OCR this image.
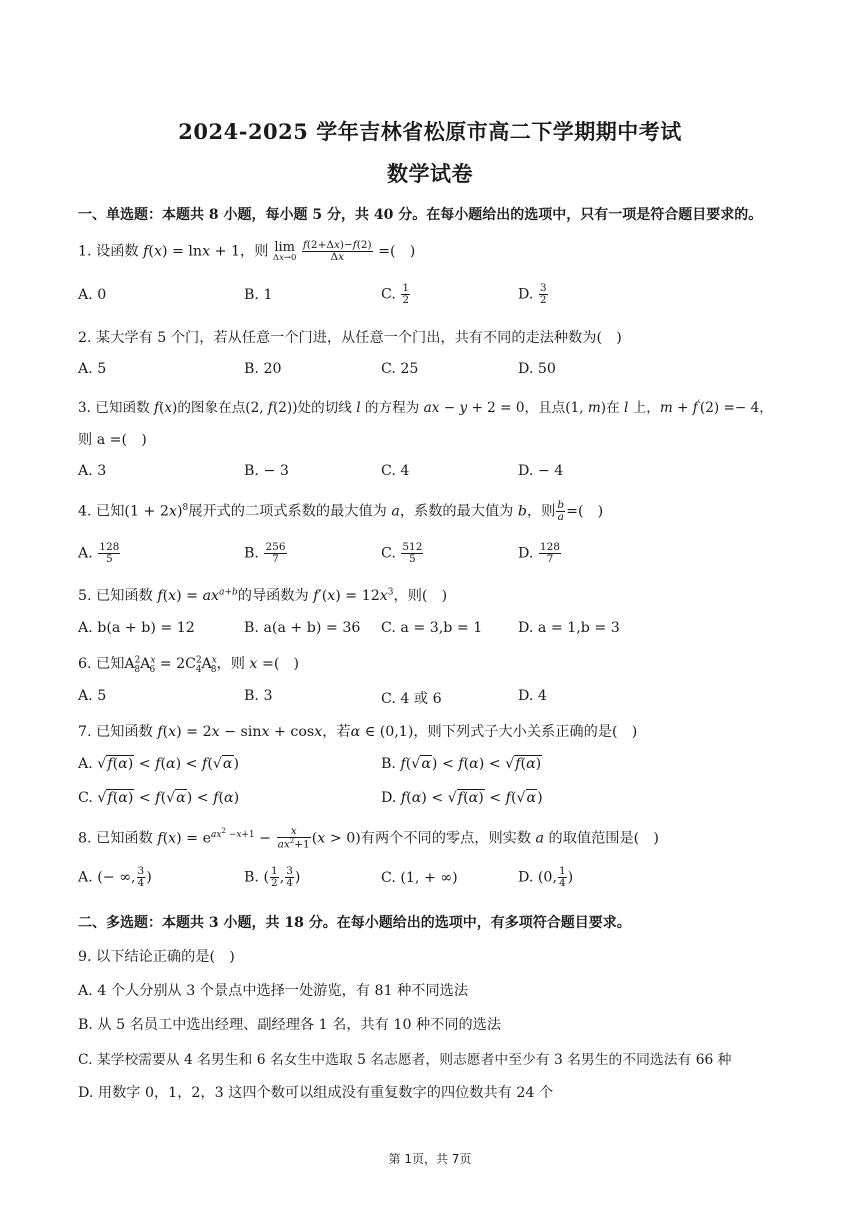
2024-2025 学年吉林省松原市高二下学期期中考试
数学试卷
一、单选题：本题共 8 小题，每小题 5 分，共 40 分。在每小题给出的选项中，只有一项是符合题目要求的。
1. 设函数 f(x) = lnx + 1，则 lim
Δx→0
$\frac{f(2+\Delta x)-f(2)}{\Delta x}$ =(　)
A. 0	B. 1	C. $\frac{1}{2}$	D. $\frac{3}{2}$
2. 某大学有 5 个门，若从任意一个门进，从任意一个门出，共有不同的走法种数为(　)
A. 5	B. 20	C. 25	D. 50
3. 已知函数 f(x)的图象在点(2, f(2))处的切线 l 的方程为 ax − y + 2 = 0，且点(1, m)在 l 上，m + f′(2) =− 4，
则 a =(　)
A. 3	B. − 3	C. 4	D. − 4
4. 已知$(1 + 2x)^8$展开式的二项式系数的最大值为 a，系数的最大值为 b，则 $\frac{b}{a}$ =(　)
A. $\frac{128}{5}$	B. $\frac{256}{7}$	C. $\frac{512}{5}$	D. $\frac{128}{7}$
5. 已知函数 $f(x) = ax^{a+b}$的导函数为 $f'(x) = 12x^3$，则(　)
A. b(a + b) = 12	B. a(a + b) = 36 C. a = 3,b = 1	D. a = 1,b = 3
6. 已知$A^2_8A^x_6 = 2C^2_4A^x_8$，则 x =(　)
A. 5	B. 3	C. 4 或 6	D. 4
7. 已知函数 f(x) = 2x − sinx + cosx，若α ∈ (0,1)，则下列式子大小关系正确的是(　)
A. √f(α) < f(α) < f(√α)	B. f(√α) < f(α) < √f(α)
C. √f(α) < f(√α) < f(α)	D. f(α) < √f(α) < f(√α)
8. 已知函数 $f(x) = e^{ax^2 -x+1} - \frac{x}{ax^2+1} (x > 0)$有两个不同的零点，则实数 a 的取值范围是(　)
A. (− ∞, $\frac{3}{4}$ )	B. ( $\frac{1}{2}$ , $\frac{3}{4}$ )	C. (1, + ∞)	D. (0, $\frac{1}{4}$ )
二、多选题：本题共 3 小题，共 18 分。在每小题给出的选项中，有多项符合题目要求。
9. 以下结论正确的是(　)
A. 4 个人分别从 3 个景点中选择一处游览，有 81 种不同选法
B. 从 5 名员工中选出经理、副经理各 1 名，共有 10 种不同的选法
C. 某学校需要从 4 名男生和 6 名女生中选取 5 名志愿者，则志愿者中至少有 3 名男生的不同选法有 66 种
D. 用数字 0，1，2，3 这四个数可以组成没有重复数字的四位数共有 24 个
第 1页，共 7页
